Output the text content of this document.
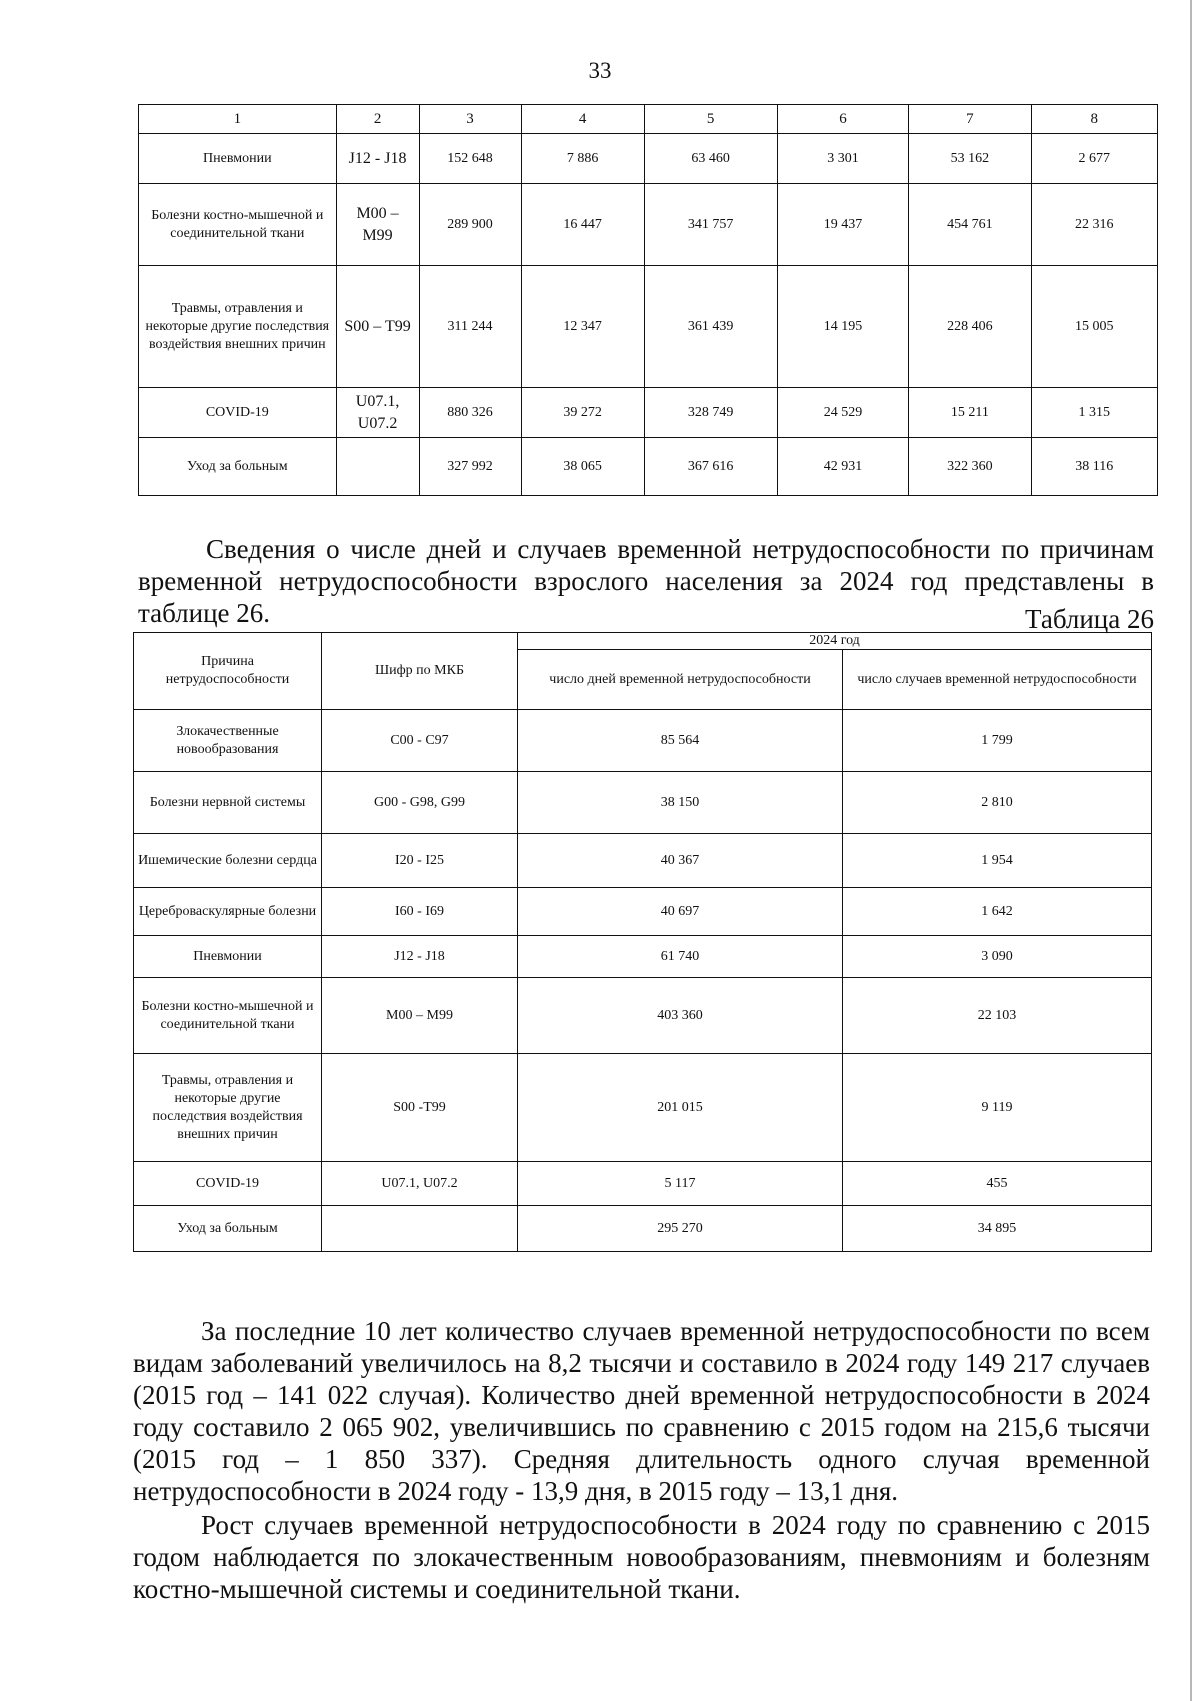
33
1	2	3	4	5	6	7	8
Пневмонии	J12 - J18	152 648	7 886	63 460	3 301	53 162	2 677
Болезни костно-мышечной и соединительной ткани	M00 – M99	289 900	16 447	341 757	19 437	454 761	22 316
Травмы, отравления и некоторые другие последствия воздействия внешних причин	S00 – T99	311 244	12 347	361 439	14 195	228 406	15 005
COVID-19	U07.1, U07.2	880 326	39 272	328 749	24 529	15 211	1 315
Уход за больным		327 992	38 065	367 616	42 931	322 360	38 116

Сведения о числе дней и случаев временной нетрудоспособности по причинам временной нетрудоспособности взрослого населения за 2024 год представлены в таблице 26.	Таблица 26
Причина нетрудоспособности	Шифр по МКБ	2024 год	
		число дней временной нетрудоспособности	число случаев временной нетрудоспособности
Злокачественные новообразования	C00 - C97	85 564	1 799
Болезни нервной системы	G00 - G98, G99	38 150	2 810
Ишемические болезни сердца	I20 - I25	40 367	1 954
Цереброваскулярные болезни	I60 - I69	40 697	1 642
Пневмонии	J12 - J18	61 740	3 090
Болезни костно-мышечной и соединительной ткани	M00 – M99	403 360	22 103
Травмы, отравления и некоторые другие последствия воздействия внешних причин	S00 -T99	201 015	9 119
COVID-19	U07.1, U07.2	5 117	455
Уход за больным		295 270	34 895

За последние 10 лет количество случаев временной нетрудоспособности по всем видам заболеваний увеличилось на 8,2 тысячи и составило в 2024 году 149 217 случаев (2015 год – 141 022 случая). Количество дней временной нетрудоспособности в 2024 году составило 2 065 902, увеличившись по сравнению с 2015 годом на 215,6 тысячи (2015 год – 1 850 337). Средняя длительность одного случая временной нетрудоспособности в 2024 году - 13,9 дня, в 2015 году – 13,1 дня.

Рост случаев временной нетрудоспособности в 2024 году по сравнению с 2015 годом наблюдается по злокачественным новообразованиям, пневмониям и болезням костно-мышечной системы и соединительной ткани.
